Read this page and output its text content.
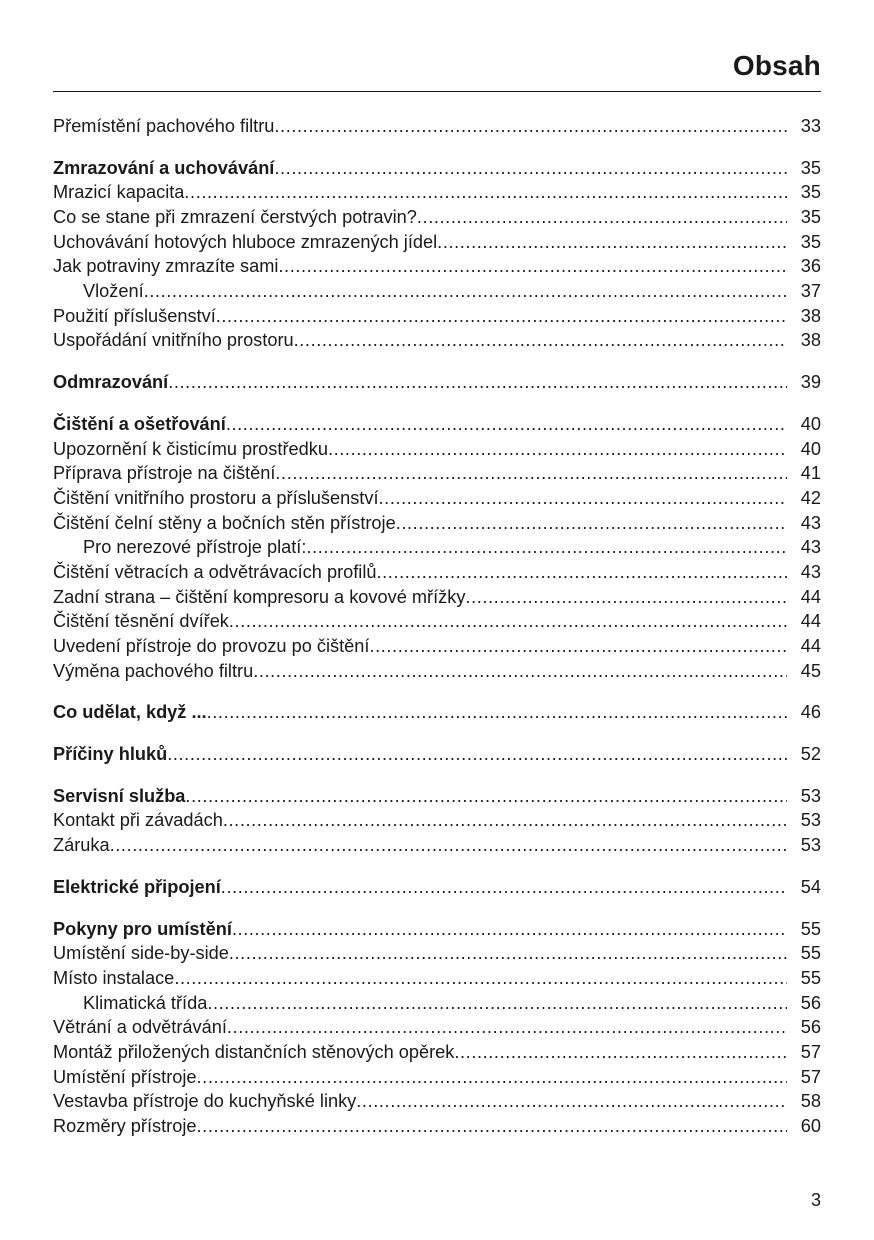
Obsah
Přemístění pachového filtru .....	33
Zmrazování a uchovávání .....	35
Mrazicí kapacita .....	35
Co se stane při zmrazení čerstvých potravin? .....	35
Uchovávání hotových hluboce zmrazených jídel .....	35
Jak potraviny zmrazíte sami .....	36
Vložení .....	37
Použití příslušenství .....	38
Uspořádání vnitřního prostoru .....	38
Odmrazování .....	39
Čištění a ošetřování .....	40
Upozornění k čisticímu prostředku .....	40
Příprava přístroje na čištění .....	41
Čištění vnitřního prostoru a příslušenství .....	42
Čištění čelní stěny a bočních stěn přístroje .....	43
Pro nerezové přístroje platí: .....	43
Čištění větracích a odvětrávacích profilů .....	43
Zadní strana – čištění kompresoru a kovové mřížky .....	44
Čištění těsnění dvířek .....	44
Uvedení přístroje do provozu po čištění .....	44
Výměna pachového filtru .....	45
Co udělat, když ... .....	46
Příčiny hluků .....	52
Servisní služba .....	53
Kontakt při závadách .....	53
Záruka .....	53
Elektrické připojení .....	54
Pokyny pro umístění .....	55
Umístění side-by-side .....	55
Místo instalace .....	55
Klimatická třída .....	56
Větrání a odvětrávání .....	56
Montáž přiložených distančních stěnových opěrek .....	57
Umístění přístroje .....	57
Vestavba přístroje do kuchyňské linky .....	58
Rozměry přístroje .....	60
3
